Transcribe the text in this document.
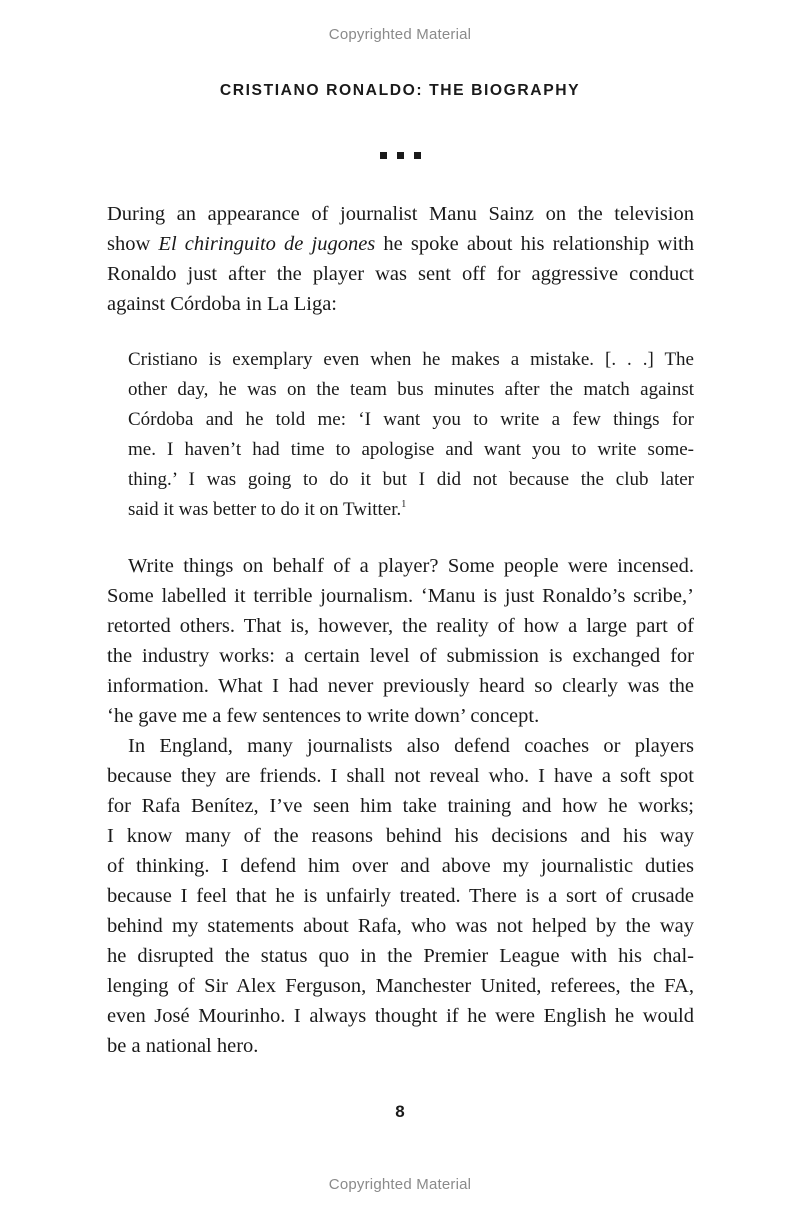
Copyrighted Material
CRISTIANO RONALDO: THE BIOGRAPHY

During an appearance of journalist Manu Sainz on the television
show El chiringuito de jugones he spoke about his relationship with
Ronaldo just after the player was sent off for aggressive conduct
against Córdoba in La Liga:

Cristiano is exemplary even when he makes a mistake. [. . .] The
other day, he was on the team bus minutes after the match against
Córdoba and he told me: ‘I want you to write a few things for
me. I haven’t had time to apologise and want you to write some-
thing.’ I was going to do it but I did not because the club later
said it was better to do it on Twitter.$^1$

Write things on behalf of a player? Some people were incensed.
Some labelled it terrible journalism. ‘Manu is just Ronaldo’s scribe,’
retorted others. That is, however, the reality of how a large part of
the industry works: a certain level of submission is exchanged for
information. What I had never previously heard so clearly was the
‘he gave me a few sentences to write down’ concept.

In England, many journalists also defend coaches or players
because they are friends. I shall not reveal who. I have a soft spot
for Rafa Benítez, I’ve seen him take training and how he works;
I know many of the reasons behind his decisions and his way
of thinking. I defend him over and above my journalistic duties
because I feel that he is unfairly treated. There is a sort of crusade
behind my statements about Rafa, who was not helped by the way
he disrupted the status quo in the Premier League with his chal-
lenging of Sir Alex Ferguson, Manchester United, referees, the FA,
even José Mourinho. I always thought if he were English he would
be a national hero.

8
Copyrighted Material
